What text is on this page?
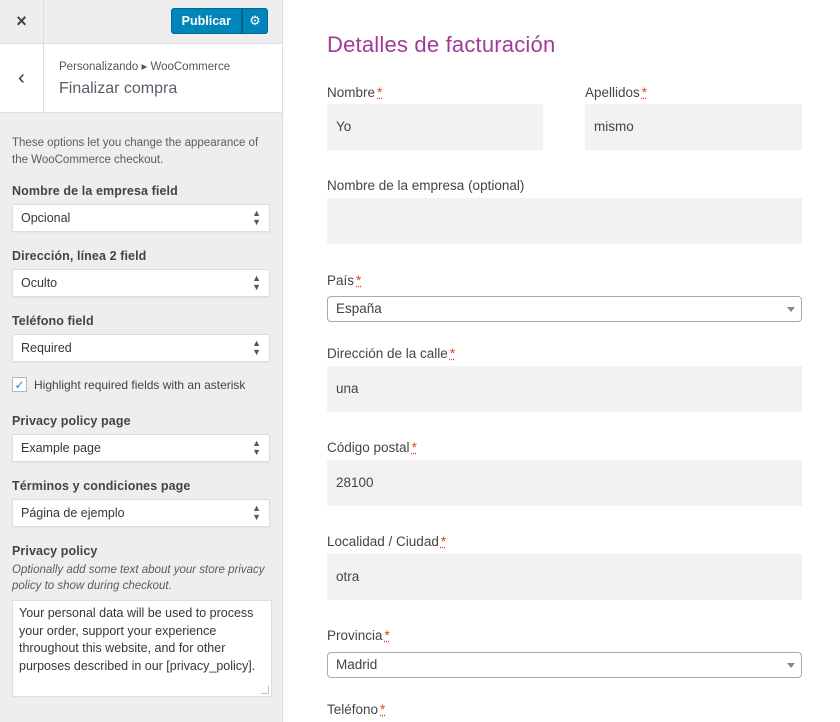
×	Publicar	⚙
‹	Personalizando ▸ WooCommerce
Finalizar compra
These options let you change the appearance of the WooCommerce checkout.
Nombre de la empresa field
Opcional	▲
▼
Dirección, línea 2 field
Oculto	▲
▼
Teléfono field
Required	▲
▼
✓ Highlight required fields with an asterisk
Privacy policy page
Example page	▲
▼
Términos y condiciones page
Página de ejemplo	▲
▼
Privacy policy
Optionally add some text about your store privacy policy to show during checkout.
Your personal data will be used to process your order, support your experience throughout this website, and for other purposes described in our [privacy_policy].
Detalles de facturación
Nombre *
Yo
Apellidos *
mismo
Nombre de la empresa (optional)
País *
España
Dirección de la calle *
una
Código postal *
28100
Localidad / Ciudad *
otra
Provincia *
Madrid
Teléfono *
